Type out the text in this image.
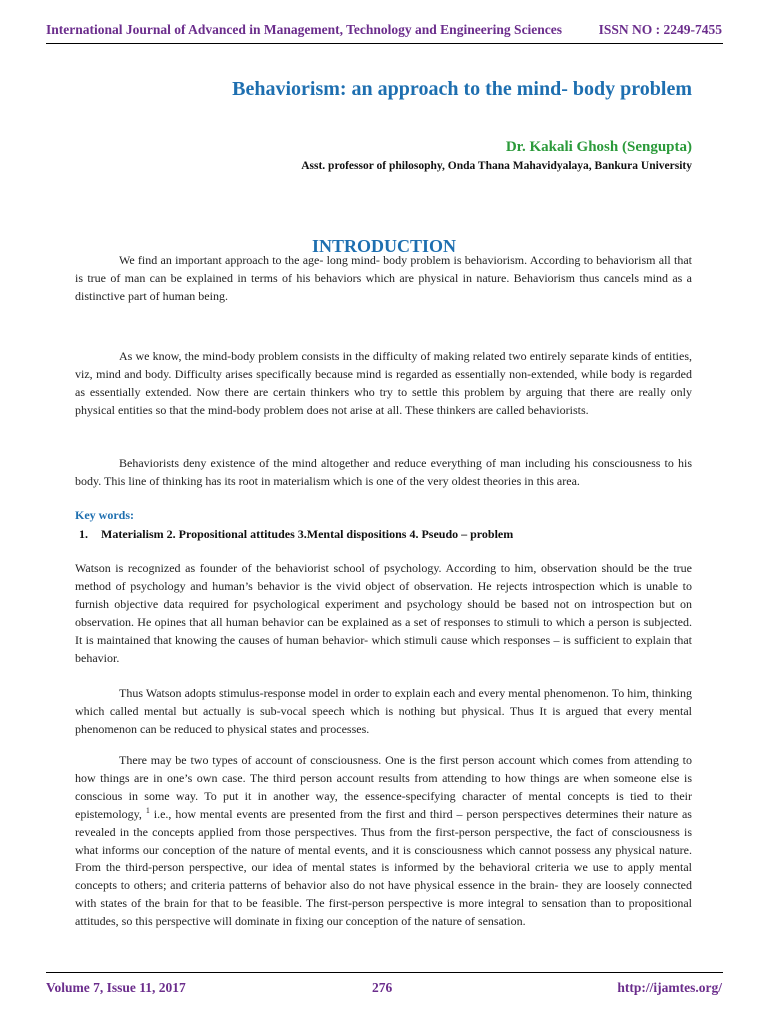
International Journal of Advanced in Management, Technology and Engineering Sciences	ISSN NO : 2249-7455
Behaviorism: an approach to the mind- body problem
Dr. Kakali Ghosh (Sengupta)
Asst. professor of philosophy, Onda Thana Mahavidyalaya, Bankura University
INTRODUCTION

We find an important approach to the age- long mind- body problem is behaviorism. According to behaviorism all that is true of man can be explained in terms of his behaviors which are physical in nature. Behaviorism thus cancels mind as a distinctive part of human being.

As we know, the mind-body problem consists in the difficulty of making related two entirely separate kinds of entities, viz, mind and body. Difficulty arises specifically because mind is regarded as essentially non-extended, while body is regarded as essentially extended. Now there are certain thinkers who try to settle this problem by arguing that there are really only physical entities so that the mind-body problem does not arise at all. These thinkers are called behaviorists.

Behaviorists deny existence of the mind altogether and reduce everything of man including his consciousness to his body. This line of thinking has its root in materialism which is one of the very oldest theories in this area.

Key words:
1. Materialism 2. Propositional attitudes 3.Mental dispositions 4. Pseudo – problem

Watson is recognized as founder of the behaviorist school of psychology. According to him, observation should be the true method of psychology and human’s behavior is the vivid object of observation. He rejects introspection which is unable to furnish objective data required for psychological experiment and psychology should be based not on introspection but on observation. He opines that all human behavior can be explained as a set of responses to stimuli to which a person is subjected. It is maintained that knowing the causes of human behavior- which stimuli cause which responses – is sufficient to explain that behavior.

Thus Watson adopts stimulus-response model in order to explain each and every mental phenomenon. To him, thinking which called mental but actually is sub-vocal speech which is nothing but physical. Thus It is argued that every mental phenomenon can be reduced to physical states and processes.

There may be two types of account of consciousness. One is the first person account which comes from attending to how things are in one’s own case. The third person account results from attending to how things are when someone else is conscious in some way. To put it in another way, the essence-specifying character of mental concepts is tied to their epistemology, $^1$ i.e., how mental events are presented from the first and third – person perspectives determines their nature as revealed in the concepts applied from those perspectives. Thus from the first-person perspective, the fact of consciousness is what informs our conception of the nature of mental events, and it is consciousness which cannot possess any physical nature. From the third-person perspective, our idea of mental states is informed by the behavioral criteria we use to apply mental concepts to others; and criteria patterns of behavior also do not have physical essence in the brain- they are loosely connected with states of the brain for that to be feasible. The first-person perspective is more integral to sensation than to propositional attitudes, so this perspective will dominate in fixing our conception of the nature of sensation.

Volume 7, Issue 11, 2017	276	http://ijamtes.org/
